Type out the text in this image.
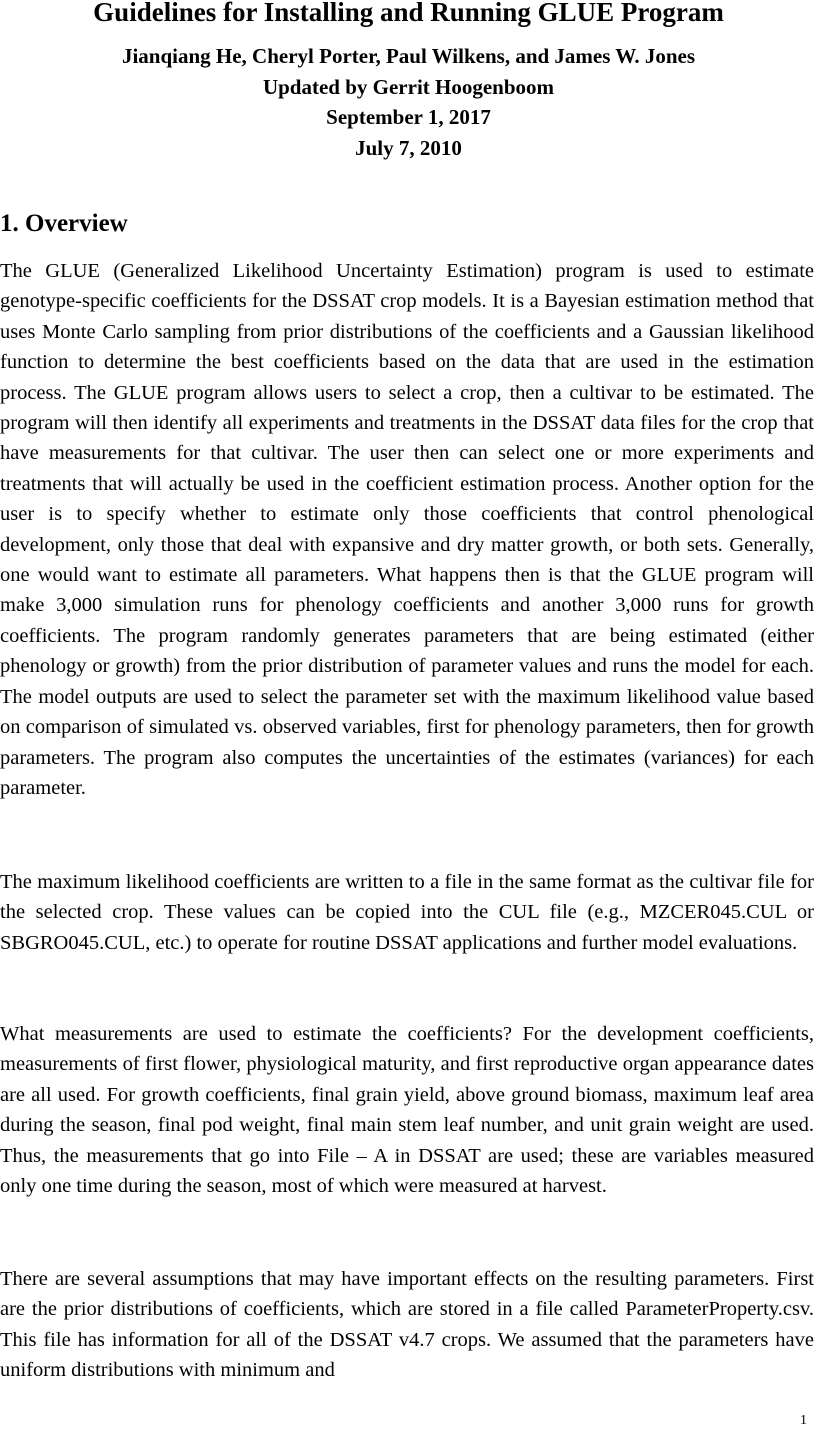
Guidelines for Installing and Running GLUE Program

Jianqiang He, Cheryl Porter, Paul Wilkens, and James W. Jones

Updated by Gerrit Hoogenboom

September 1, 2017

July 7, 2010

1. Overview

The GLUE (Generalized Likelihood Uncertainty Estimation) program is used to estimate genotype-specific coefficients for the DSSAT crop models. It is a Bayesian estimation method that uses Monte Carlo sampling from prior distributions of the coefficients and a Gaussian likelihood function to determine the best coefficients based on the data that are used in the estimation process. The GLUE program allows users to select a crop, then a cultivar to be estimated. The program will then identify all experiments and treatments in the DSSAT data files for the crop that have measurements for that cultivar. The user then can select one or more experiments and treatments that will actually be used in the coefficient estimation process. Another option for the user is to specify whether to estimate only those coefficients that control phenological development, only those that deal with expansive and dry matter growth, or both sets. Generally, one would want to estimate all parameters. What happens then is that the GLUE program will make 3,000 simulation runs for phenology coefficients and another 3,000 runs for growth coefficients. The program randomly generates parameters that are being estimated (either phenology or growth) from the prior distribution of parameter values and runs the model for each. The model outputs are used to select the parameter set with the maximum likelihood value based on comparison of simulated vs. observed variables, first for phenology parameters, then for growth parameters. The program also computes the uncertainties of the estimates (variances) for each parameter.

The maximum likelihood coefficients are written to a file in the same format as the cultivar file for the selected crop. These values can be copied into the CUL file (e.g., MZCER045.CUL or SBGRO045.CUL, etc.) to operate for routine DSSAT applications and further model evaluations.

What measurements are used to estimate the coefficients? For the development coefficients, measurements of first flower, physiological maturity, and first reproductive organ appearance dates are all used. For growth coefficients, final grain yield, above ground biomass, maximum leaf area during the season, final pod weight, final main stem leaf number, and unit grain weight are used. Thus, the measurements that go into File – A in DSSAT are used; these are variables measured only one time during the season, most of which were measured at harvest.

There are several assumptions that may have important effects on the resulting parameters. First are the prior distributions of coefficients, which are stored in a file called ParameterProperty.csv. This file has information for all of the DSSAT v4.7 crops. We assumed that the parameters have uniform distributions with minimum and

1
